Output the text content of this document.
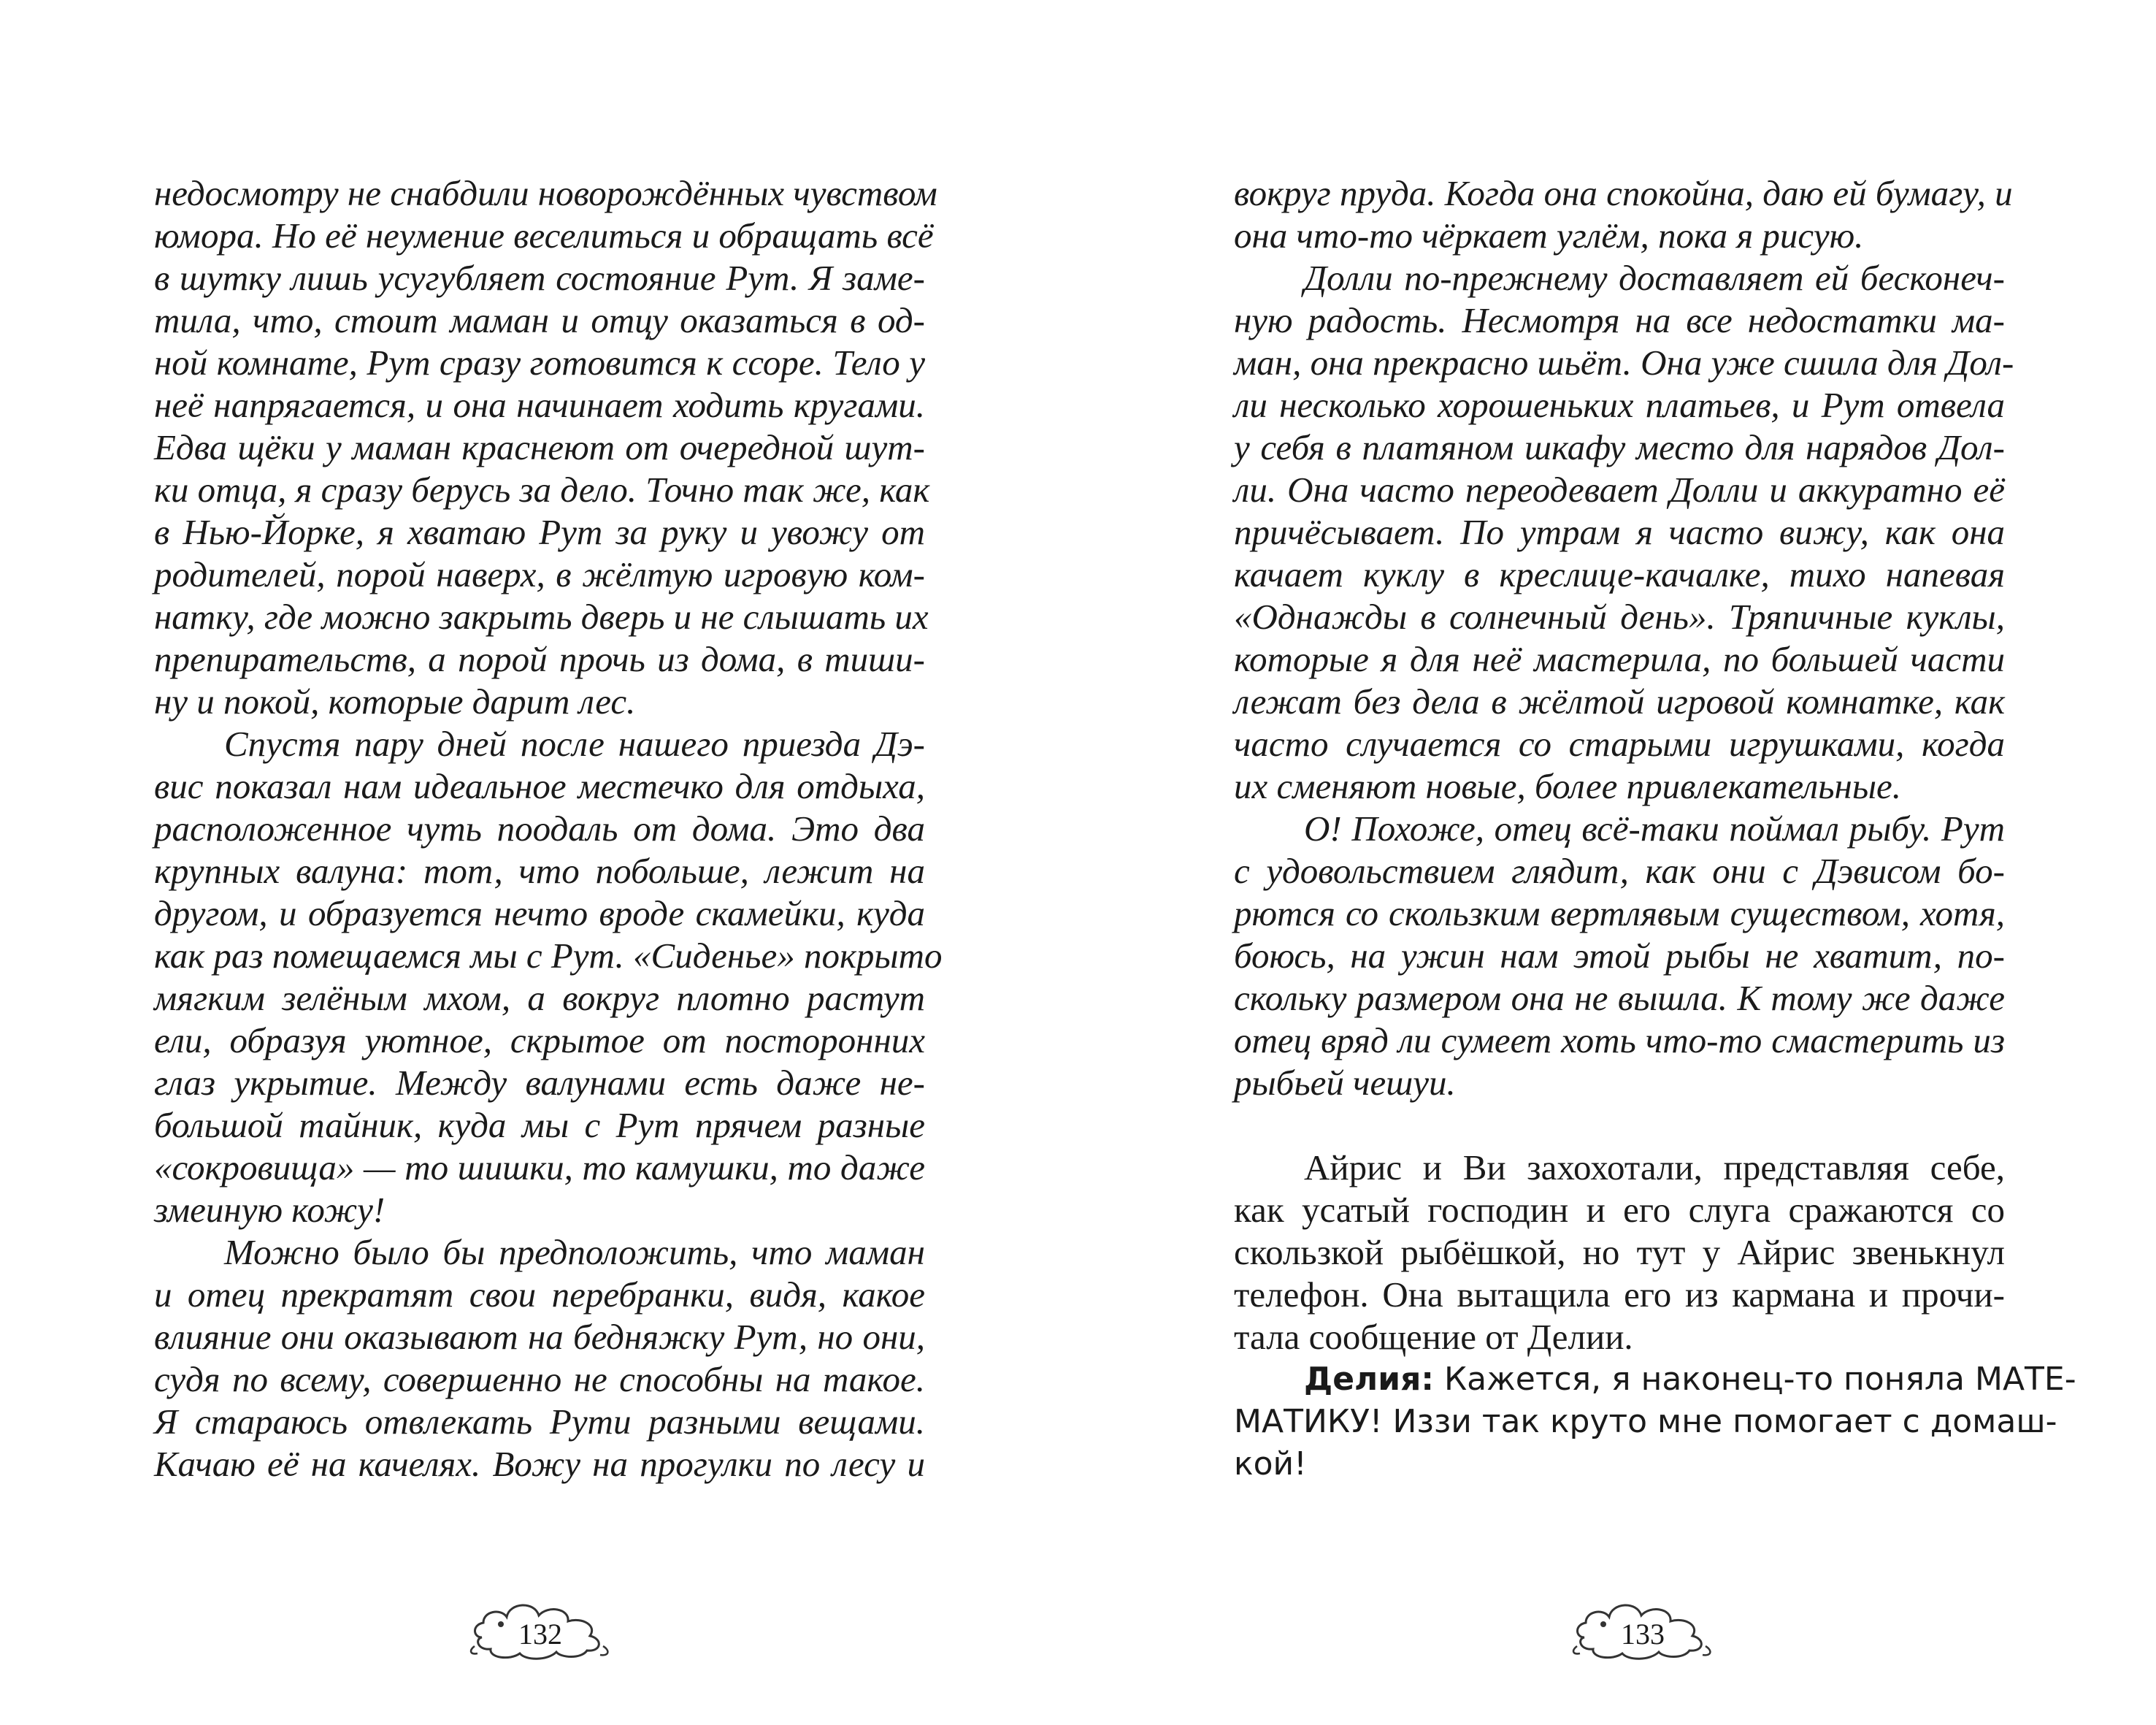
недосмотру не снабдили новорождённых чувством
юмора. Но её неумение веселиться и обращать всё
в шутку лишь усугубляет состояние Рут. Я заме-
тила, что, стоит маман и отцу оказаться в од-
ной комнате, Рут сразу готовится к ссоре. Тело у
неё напрягается, и она начинает ходить кругами.
Едва щёки у маман краснеют от очередной шут-
ки отца, я сразу берусь за дело. Точно так же, как
в Нью-Йорке, я хватаю Рут за руку и увожу от
родителей, порой наверх, в жёлтую игровую ком-
натку, где можно закрыть дверь и не слышать их
препирательств, а порой прочь из дома, в тиши-
ну и покой, которые дарит лес.
Спустя пару дней после нашего приезда Дэ-
вис показал нам идеальное местечко для отдыха,
расположенное чуть поодаль от дома. Это два
крупных валуна: тот, что побольше, лежит на
другом, и образуется нечто вроде скамейки, куда
как раз помещаемся мы с Рут. «Сиденье» покрыто
мягким зелёным мхом, а вокруг плотно растут
ели, образуя уютное, скрытое от посторонних
глаз укрытие. Между валунами есть даже не-
большой тайник, куда мы с Рут прячем разные
«сокровища» — то шишки, то камушки, то даже
змеиную кожу!
Можно было бы предположить, что маман
и отец прекратят свои перебранки, видя, какое
влияние они оказывают на бедняжку Рут, но они,
судя по всему, совершенно не способны на такое.
Я стараюсь отвлекать Рути разными вещами.
Качаю её на качелях. Вожу на прогулки по лесу и
132
вокруг пруда. Когда она спокойна, даю ей бумагу, и
она что-то чёркает углём, пока я рисую.
Долли по-прежнему доставляет ей бесконеч-
ную радость. Несмотря на все недостатки ма-
ман, она прекрасно шьёт. Она уже сшила для Дол-
ли несколько хорошеньких платьев, и Рут отвела
у себя в платяном шкафу место для нарядов Дол-
ли. Она часто переодевает Долли и аккуратно её
причёсывает. По утрам я часто вижу, как она
качает куклу в креслице-качалке, тихо напевая
«Однажды в солнечный день». Тряпичные куклы,
которые я для неё мастерила, по большей части
лежат без дела в жёлтой игровой комнатке, как
часто случается со старыми игрушками, когда
их сменяют новые, более привлекательные.
О! Похоже, отец всё-таки поймал рыбу. Рут
с удовольствием глядит, как они с Дэвисом бо-
рются со скользким вертлявым существом, хотя,
боюсь, на ужин нам этой рыбы не хватит, по-
скольку размером она не вышла. К тому же даже
отец вряд ли сумеет хоть что-то смастерить из
рыбьей чешуи.
Айрис и Ви захохотали, представляя себе,
как усатый господин и его слуга сражаются со
скользкой рыбёшкой, но тут у Айрис звенькнул
телефон. Она вытащила его из кармана и прочи-
тала сообщение от Делии.
Делия: Кажется, я наконец-то поняла МАТЕ-
МАТИКУ! Иззи так круто мне помогает с домаш-
кой!
133
